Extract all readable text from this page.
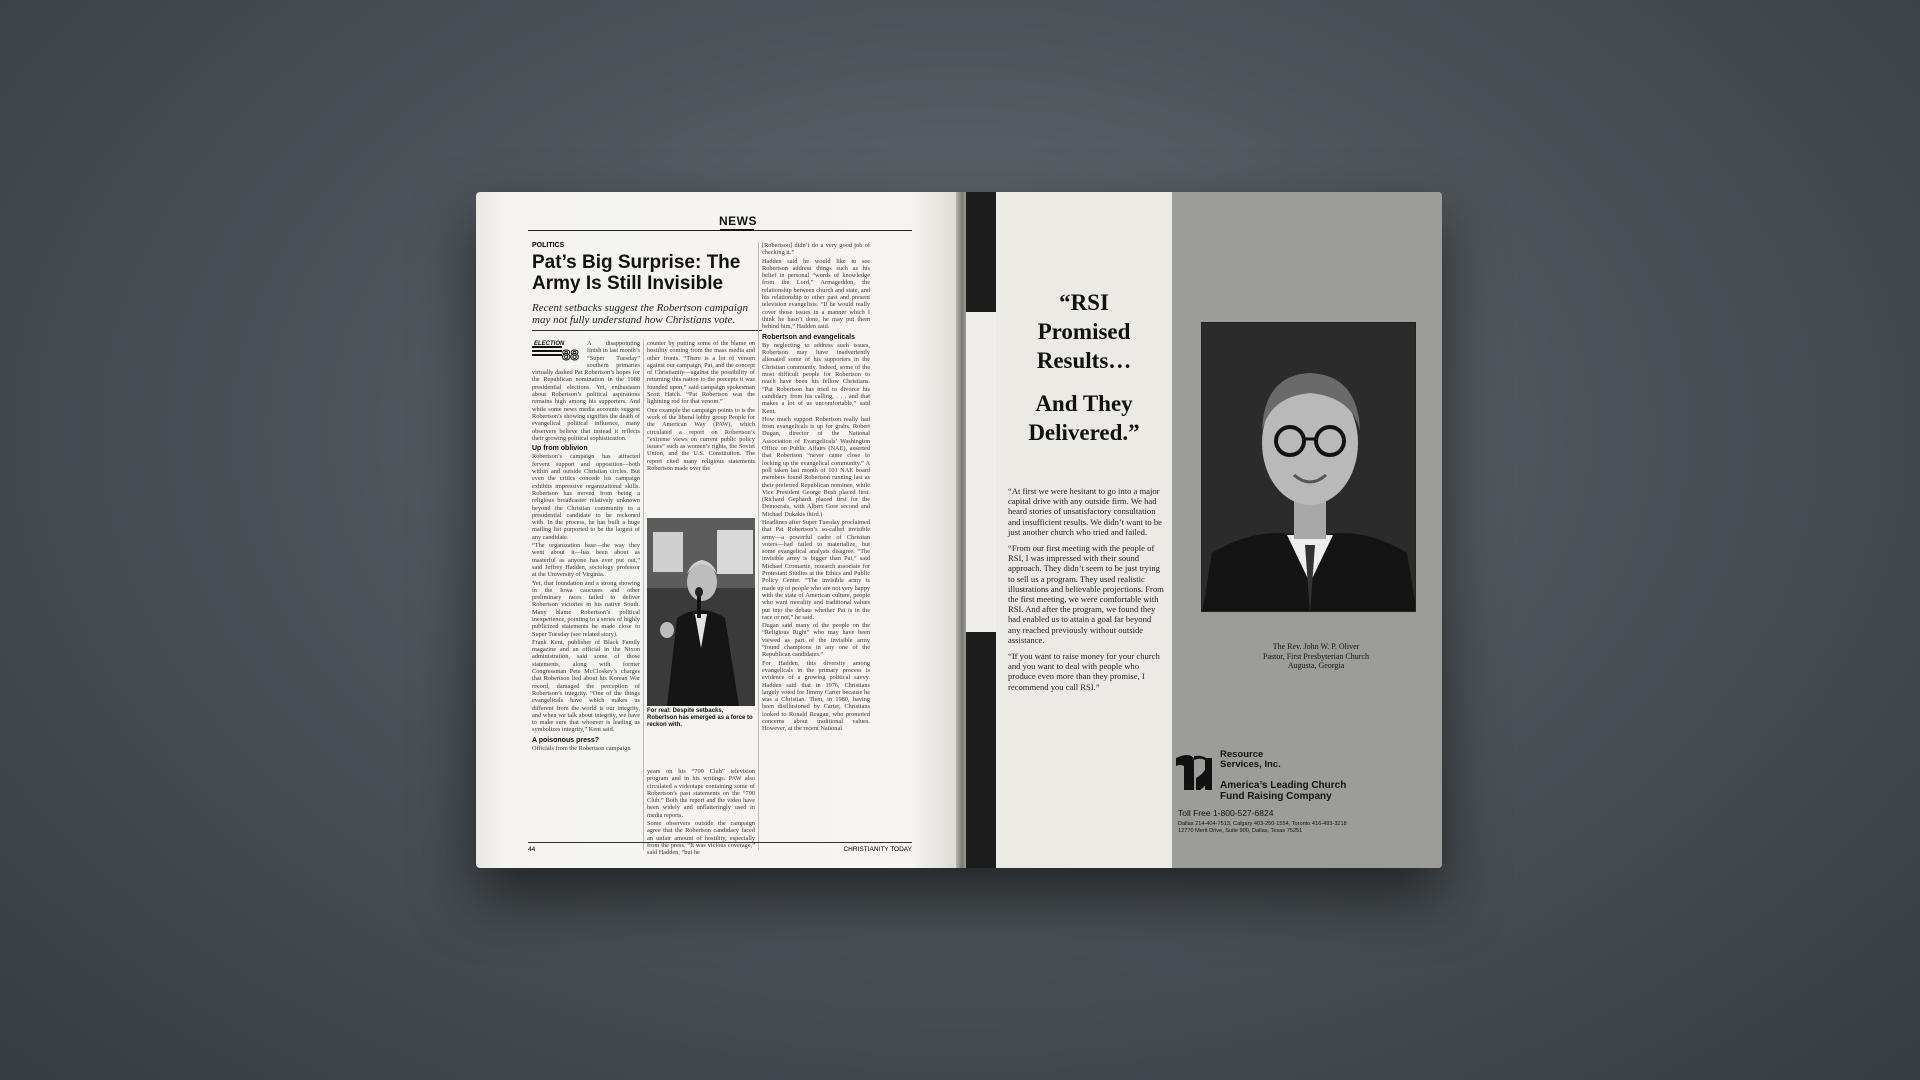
NEWS
POLITICS
Pat’s Big Surprise: The Army Is Still Invisible
Recent setbacks suggest the Robertson campaign may not fully understand how Christians vote.
ELECTION
88

A disappointing finish in last month’s “Super Tuesday” southern primaries virtually dashed Pat Robertson’s hopes for the Republican nomination in the 1988 presidential elections. Yet, enthusiasm about Robertson’s political aspirations remains high among his supporters. And while some news media accounts suggest Robertson’s showing signifies the death of evangelical political influence, many observers believe that instead it reflects their growing political sophistication.

Up from oblivion

Robertson’s campaign has attracted fervent support and opposition—both within and outside Christian circles. But even the critics concede his campaign exhibits impressive organizational skills. Robertson has moved from being a religious broadcaster relatively unknown beyond the Christian community to a presidential candidate to be reckoned with. In the process, he has built a huge mailing list purported to be the largest of any candidate.

“The organization base—the way they went about it—has been about as masterful as anyone has ever put out,” said Jeffrey Hadden, sociology professor at the University of Virginia.

Yet, that foundation and a strong showing in the Iowa caucuses and other preliminary races failed to deliver Robertson victories in his native South. Many blame Robertson’s political inexperience, pointing to a series of highly publicized statements he made close to Super Tuesday (see related story).

Frank Kent, publisher of Black Family magazine and an official in the Nixon administration, said some of those statements, along with former Congressman Pete McCloskey’s charges that Robertson lied about his Korean War record, damaged the perception of Robertson’s integrity. “One of the things evangelicals have which makes us different from the world is our integrity, and when we talk about integrity, we have to make sure that whoever is leading us symbolizes integrity,” Kent said.

A poisonous press?

Officials from the Robertson campaign

counter by putting some of the blame on hostility coming from the mass media and other fronts. “There is a lot of venom against our campaign, Pat, and the concept of Christianity—against the possibility of returning this nation to the precepts it was founded upon,” said campaign spokesman Scott Hatch. “Pat Robertson was the lightning rod for that venom.”

One example the campaign points to is the work of the liberal lobby group People for the American Way (PAW), which circulated a report on Robertson’s “extreme views on current public policy issues” such as women’s rights, the Soviet Union, and the U.S. Constitution. The report cited many religious statements Robertson made over the

For real: Despite setbacks, Robertson has emerged as a force to reckon with.

years on his “700 Club” television program and in his writings. PAW also circulated a videotape containing some of Robertson’s past statements on the “700 Club.” Both the report and the video have been widely and unflatteringly used in media reports.

Some observers outside the campaign agree that the Robertson candidacy faced an unfair amount of hostility, especially from the press. “It was vicious coverage,” said Hadden, “but he

[Robertson] didn’t do a very good job of checking it.”

Hadden said he would like to see Robertson address things such as his belief in personal “words of knowledge from the Lord,” Armageddon, the relationship between church and state, and his relationship to other past and present television evangelists. “If he would really cover those issues in a manner which I think he hasn’t done, he may put them behind him,” Hadden said.

Robertson and evangelicals

By neglecting to address such issues, Robertson may have inadvertently alienated some of his supporters in the Christian community. Indeed, some of the most difficult people for Robertson to reach have been his fellow Christians. “Pat Robertson has tried to divorce his candidacy from his calling, . . . and that makes a lot of us uncomfortable,” said Kent.

How much support Robertson really had from evangelicals is up for grabs. Robert Dugan, director of the National Association of Evangelicals’ Washington Office on Public Affairs (NAE), asserted that Robertson “never came close to locking up the evangelical community.” A poll taken last month of 101 NAE board members found Robertson running last as their preferred Republican nominee, while Vice President George Bush placed first. (Richard Gephardt placed first for the Democrats, with Albert Gore second and Michael Dukakis third.)

Headlines after Super Tuesday proclaimed that Pat Robertson’s so-called invisible army—a powerful cadre of Christian voters—had failed to materialize, but some evangelical analysts disagree. “The invisible army is bigger than Pat,” said Michael Cromartie, research associate for Protestant Studies at the Ethics and Public Policy Center. “The invisible army is made up of people who are not very happy with the state of American culture, people who want morality and traditional values put into the debate whether Pat is in the race or not,” he said.

Dugan said many of the people on the “Religious Right” who may have been viewed as part of the invisible army “found champions in any one of the Republican candidates.”

For Hadden, this diversity among evangelicals in the primary process is evidence of a growing political savvy. Hadden said that in 1976, Christians largely voted for Jimmy Carter because he was a Christian. Then, in 1980, having been disillusioned by Carter, Christians looked to Ronald Reagan, who promoted concerns about traditional values. However, at the recent National

44	CHRISTIANITY TODAY
“RSI
Promised
Results…
And They
Delivered.”

“At first we were hesitant to go into a major capital drive with any outside firm. We had heard stories of unsatisfactory consultation and insufficient results. We didn’t want to be just another church who tried and failed.

“From our first meeting with the people of RSI, I was impressed with their sound approach. They didn’t seem to be just trying to sell us a program. They used realistic illustrations and believable projections. From the first meeting, we were comfortable with RSI. And after the program, we found they had enabled us to attain a goal far beyond any reached previously without outside assistance.

“If you want to raise money for your church and you want to deal with people who produce even more than they promise, I recommend you call RSI.”

The Rev. John W. P. Oliver
Pastor, First Presbyterian Church
Augusta, Georgia
Resource
Services, Inc.
America’s Leading Church
Fund Raising Company
Toll Free 1-800-527-6824
Dallas 214-404-7513, Calgary 403-250-1554, Toronto 416-493-3218
12770 Merit Drive, Suite 900, Dallas, Texas 75251
